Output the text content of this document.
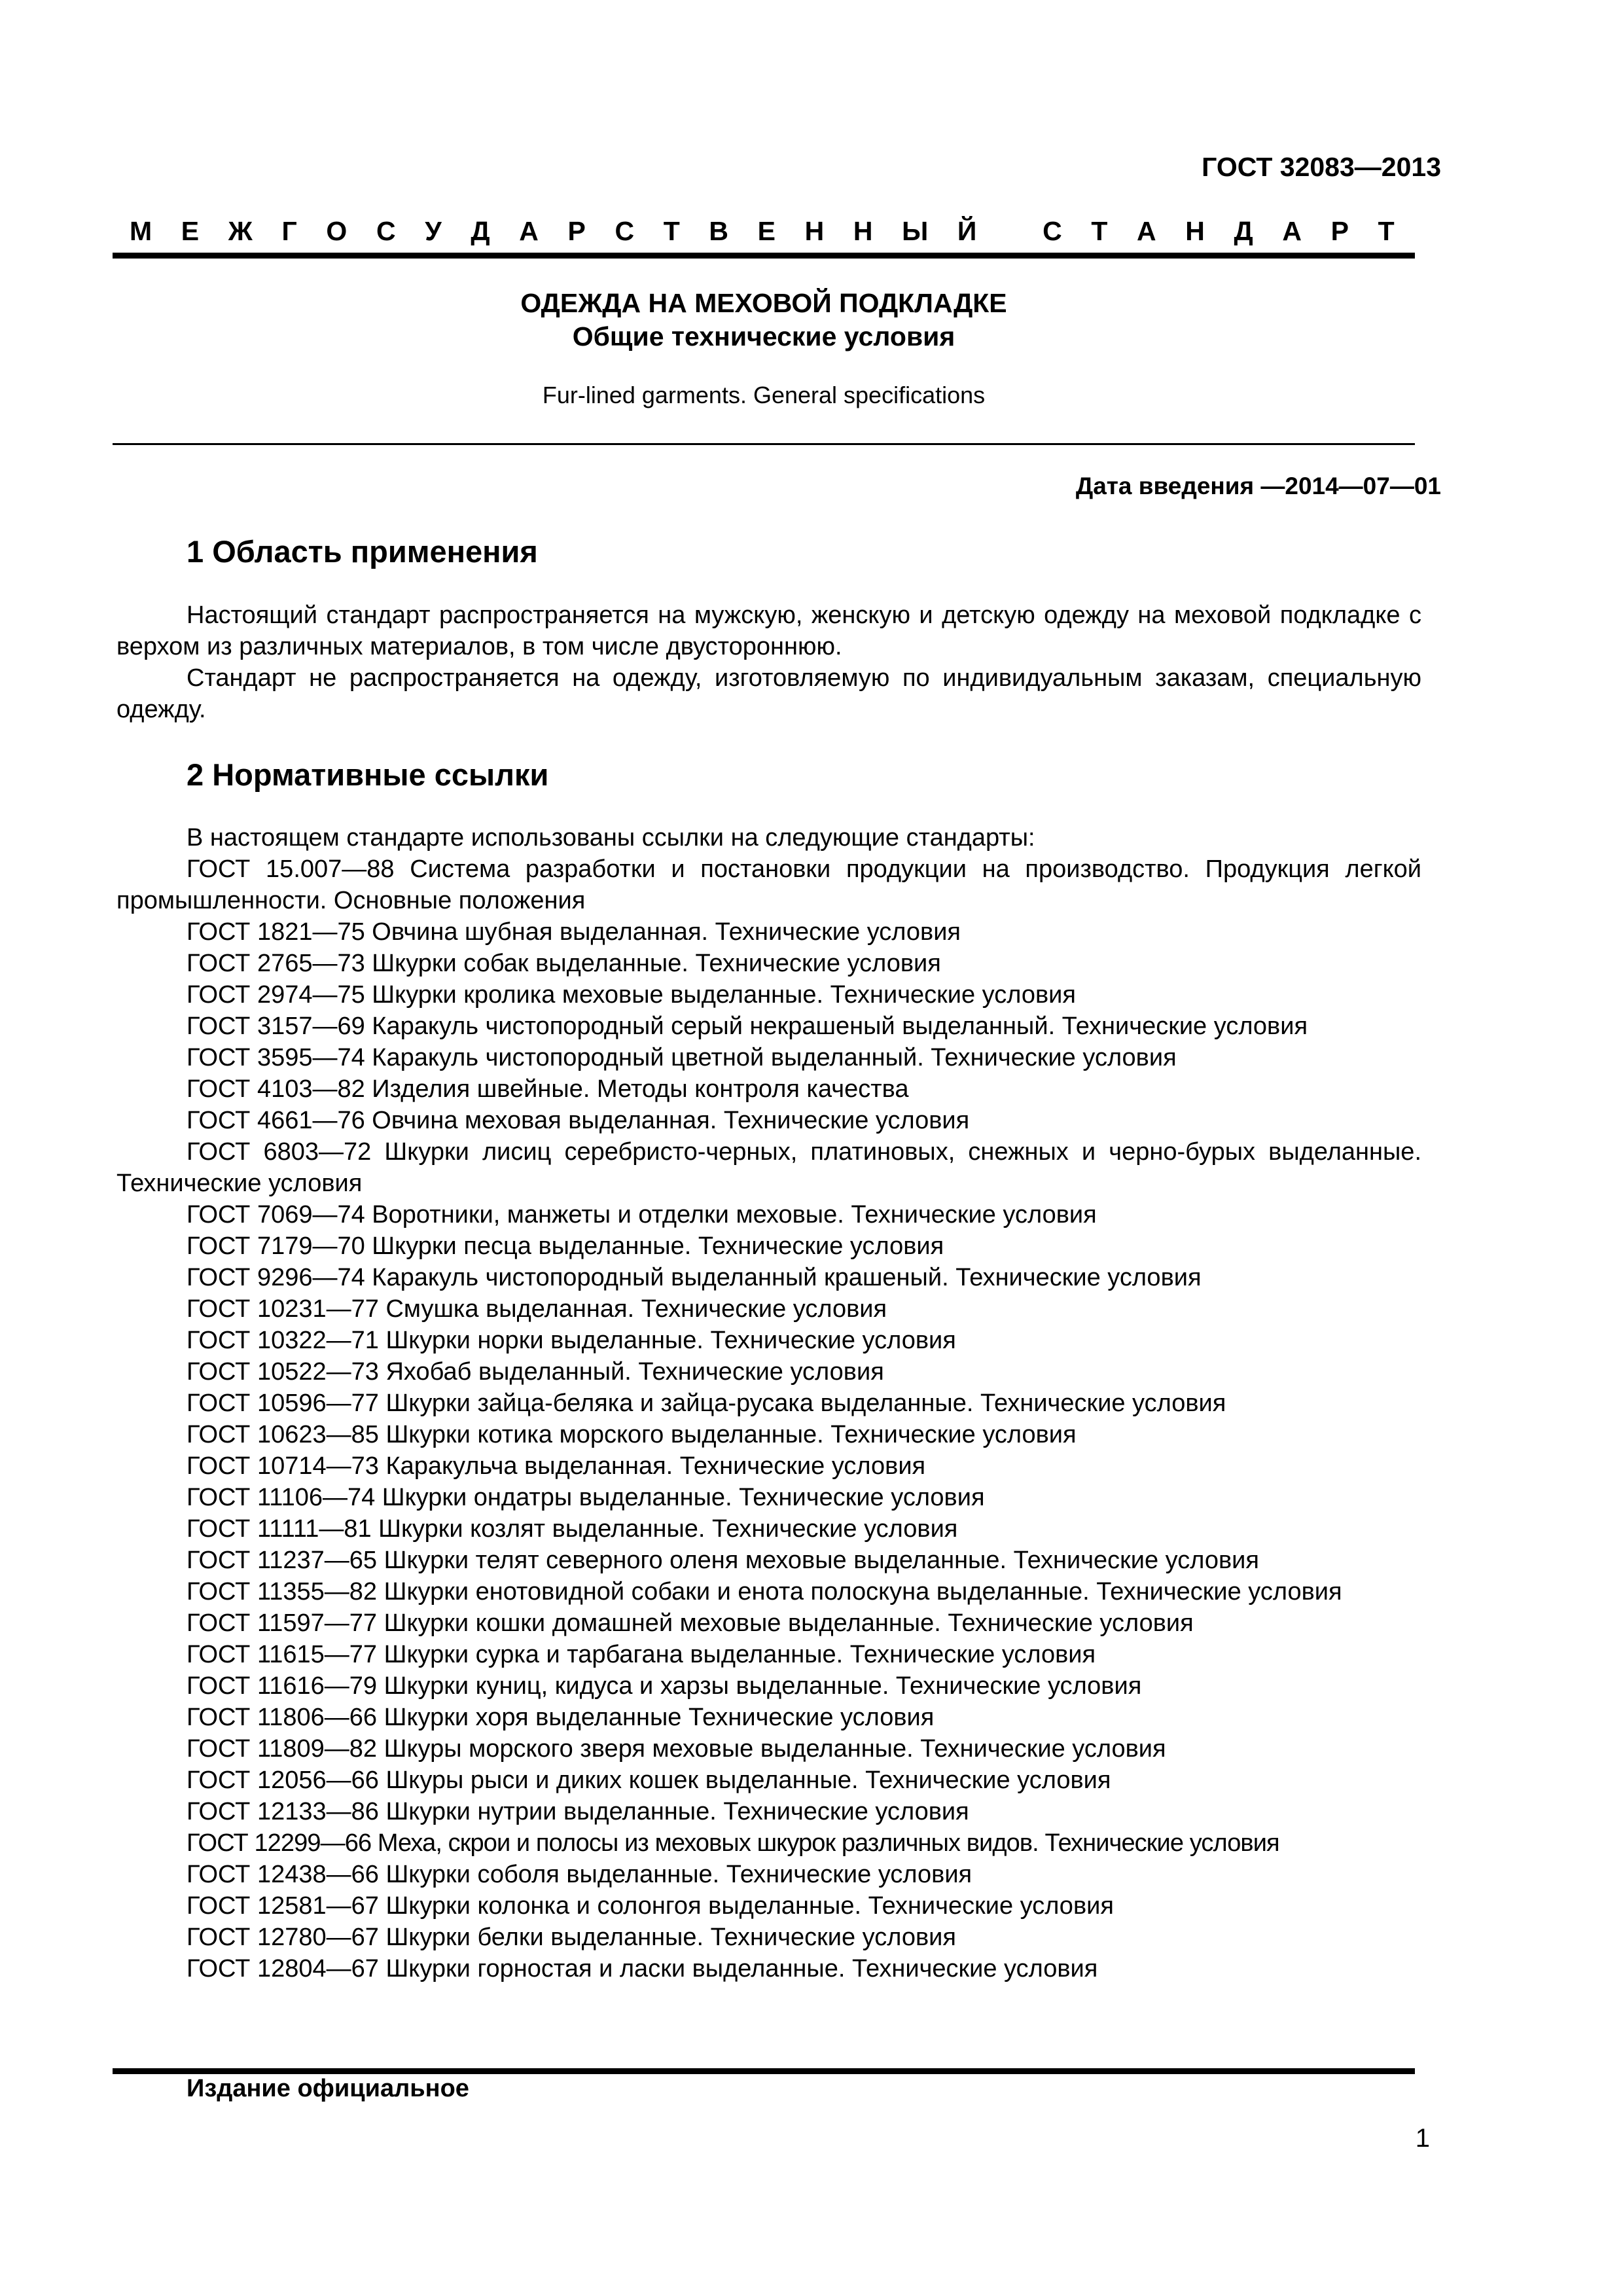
ГОСТ 32083—2013
М Е Ж Г О С У Д А Р С Т В Е Н Н Ы Й
С Т А Н Д А Р Т
ОДЕЖДА НА МЕХОВОЙ ПОДКЛАДКЕ
Общие технические условия
Fur-lined garments. General specifications
Дата введения —2014—07—01
1 Область применения
Настоящий стандарт распространяется на мужскую, женскую и детскую одежду на меховой подкладке с верхом из различных материалов, в том числе двустороннюю.
Стандарт не распространяется на одежду, изготовляемую по индивидуальным заказам, специальную одежду.
2 Нормативные ссылки
В настоящем стандарте использованы ссылки на следующие стандарты:
ГОСТ 15.007—88 Система разработки и постановки продукции на производство. Продукция легкой промышленности. Основные положения
ГОСТ 1821—75 Овчина шубная выделанная. Технические условия
ГОСТ 2765—73 Шкурки собак выделанные. Технические условия
ГОСТ 2974—75 Шкурки кролика меховые выделанные. Технические условия
ГОСТ 3157—69 Каракуль чистопородный серый некрашеный выделанный. Технические условия
ГОСТ 3595—74 Каракуль чистопородный цветной выделанный. Технические условия
ГОСТ 4103—82 Изделия швейные. Методы контроля качества
ГОСТ 4661—76 Овчина меховая выделанная. Технические условия
ГОСТ 6803—72 Шкурки лисиц серебристо-черных, платиновых, снежных и черно-бурых выделанные. Технические условия
ГОСТ 7069—74 Воротники, манжеты и отделки меховые. Технические условия
ГОСТ 7179—70 Шкурки песца выделанные. Технические условия
ГОСТ 9296—74 Каракуль чистопородный выделанный крашеный. Технические условия
ГОСТ 10231—77 Смушка выделанная. Технические условия
ГОСТ 10322—71 Шкурки норки выделанные. Технические условия
ГОСТ 10522—73 Яхобаб выделанный. Технические условия
ГОСТ 10596—77 Шкурки зайца-беляка и зайца-русака выделанные. Технические условия
ГОСТ 10623—85 Шкурки котика морского выделанные. Технические условия
ГОСТ 10714—73 Каракульча выделанная. Технические условия
ГОСТ 11106—74 Шкурки ондатры выделанные. Технические условия
ГОСТ 11111—81 Шкурки козлят выделанные. Технические условия
ГОСТ 11237—65 Шкурки телят северного оленя меховые выделанные. Технические условия
ГОСТ 11355—82 Шкурки енотовидной собаки и енота полоскуна выделанные. Технические условия
ГОСТ 11597—77 Шкурки кошки домашней меховые выделанные. Технические условия
ГОСТ 11615—77 Шкурки сурка и тарбагана выделанные. Технические условия
ГОСТ 11616—79 Шкурки куниц, кидуса и харзы выделанные. Технические условия
ГОСТ 11806—66 Шкурки хоря выделанные Технические условия
ГОСТ 11809—82 Шкуры морского зверя меховые выделанные. Технические условия
ГОСТ 12056—66 Шкуры рыси и диких кошек выделанные. Технические условия
ГОСТ 12133—86 Шкурки нутрии выделанные. Технические условия
ГОСТ 12299—66 Меха, скрои и полосы из меховых шкурок различных видов. Технические условия
ГОСТ 12438—66 Шкурки соболя выделанные. Технические условия
ГОСТ 12581—67 Шкурки колонка и солонгоя выделанные. Технические условия
ГОСТ 12780—67 Шкурки белки выделанные. Технические условия
ГОСТ 12804—67 Шкурки горностая и ласки выделанные. Технические условия
Издание официальное
1
